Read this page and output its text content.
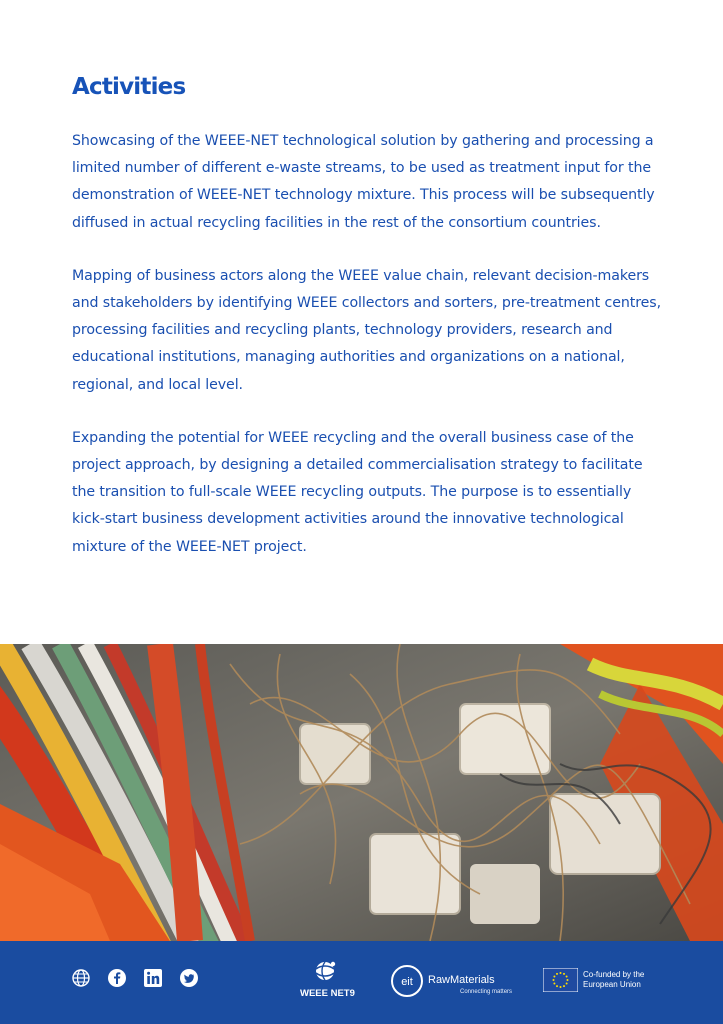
Activities

Showcasing of the WEEE-NET technological solution by gathering and processing a limited number of different e-waste streams, to be used as treatment input for the demonstration of WEEE-NET technology mixture. This process will be subsequently diffused in actual recycling facilities in the rest of the consortium countries.

Mapping of business actors along the WEEE value chain, relevant decision-makers and stakeholders by identifying WEEE collectors and sorters, pre-treatment centres, processing facilities and recycling plants, technology providers, research and educational institutions, managing authorities and organizations on a national, regional, and local level.

Expanding the potential for WEEE recycling and the overall business case of the project approach, by designing a detailed commercialisation strategy to facilitate the transition to full-scale WEEE recycling outputs. The purpose is to essentially kick-start business development activities around the innovative technological mixture of the WEEE-NET project.

WEEE NET9
eit RawMaterials
Connecting matters
Co-funded by the
European Union
